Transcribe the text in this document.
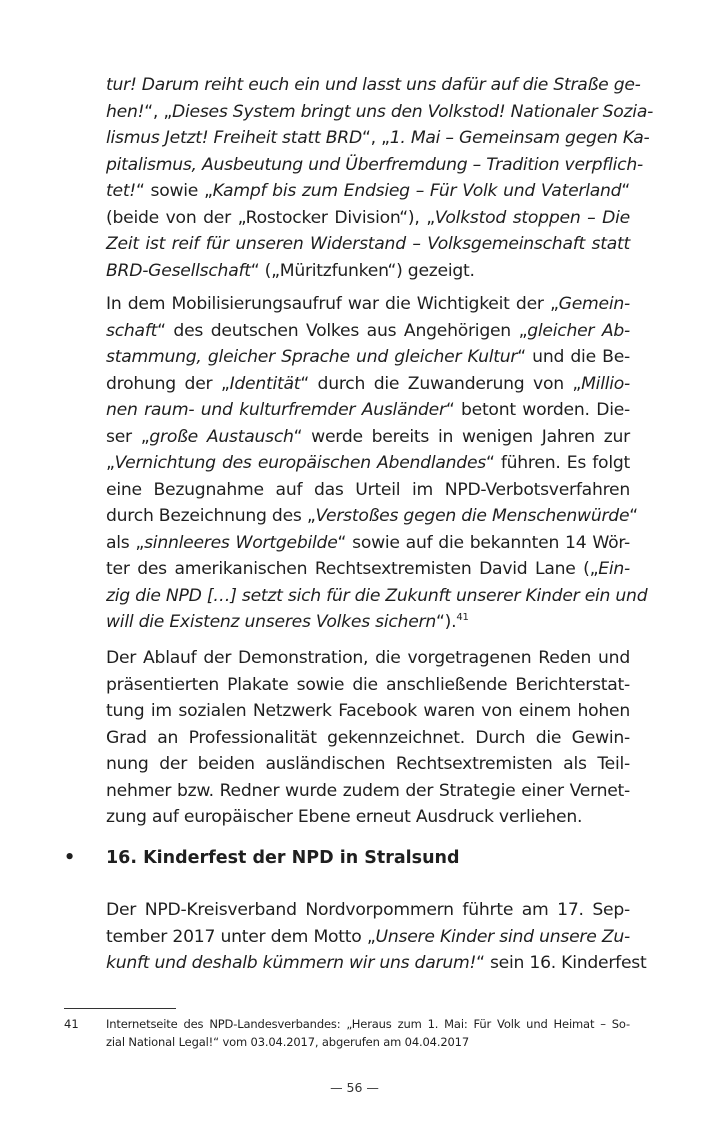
tur! Darum reiht euch ein und lasst uns dafür auf die Straße ge-
hen!“, „Dieses System bringt uns den Volkstod! Nationaler Sozia-
lismus Jetzt! Freiheit statt BRD“, „1. Mai – Gemeinsam gegen Ka-
pitalismus, Ausbeutung und Überfremdung – Tradition verpflich-
tet!“ sowie „Kampf bis zum Endsieg – Für Volk und Vaterland“
(beide von der „Rostocker Division“), „Volkstod stoppen – Die
Zeit ist reif für unseren Widerstand – Volksgemeinschaft statt
BRD-Gesellschaft“ („Müritzfunken“) gezeigt.
In dem Mobilisierungsaufruf war die Wichtigkeit der „Gemein-
schaft“ des deutschen Volkes aus Angehörigen „gleicher Ab-
stammung, gleicher Sprache und gleicher Kultur“ und die Be-
drohung der „Identität“ durch die Zuwanderung von „Millio-
nen raum- und kulturfremder Ausländer“ betont worden. Die-
ser „große Austausch“ werde bereits in wenigen Jahren zur
„Vernichtung des europäischen Abendlandes“ führen. Es folgt
eine Bezugnahme auf das Urteil im NPD-Verbotsverfahren
durch Bezeichnung des „Verstoßes gegen die Menschenwürde“
als „sinnleeres Wortgebilde“ sowie auf die bekannten 14 Wör-
ter des amerikanischen Rechtsextremisten David Lane („Ein-
zig die NPD […] setzt sich für die Zukunft unserer Kinder ein und
will die Existenz unseres Volkes sichern“).$^{41}$
Der Ablauf der Demonstration, die vorgetragenen Reden und
präsentierten Plakate sowie die anschließende Berichterstat-
tung im sozialen Netzwerk Facebook waren von einem hohen
Grad an Professionalität gekennzeichnet. Durch die Gewin-
nung der beiden ausländischen Rechtsextremisten als Teil-
nehmer bzw. Redner wurde zudem der Strategie einer Vernet-
zung auf europäischer Ebene erneut Ausdruck verliehen.
Der NPD-Kreisverband Nordvorpommern führte am 17. Sep-
tember 2017 unter dem Motto „Unsere Kinder sind unsere Zu-
kunft und deshalb kümmern wir uns darum!“ sein 16. Kinderfest
• 16. Kinderfest der NPD in Stralsund
41 Internetseite des NPD-Landesverbandes: „Heraus zum 1. Mai: Für Volk und Heimat – So-
zial National Legal!“ vom 03.04.2017, abgerufen am 04.04.2017
— 56 —
